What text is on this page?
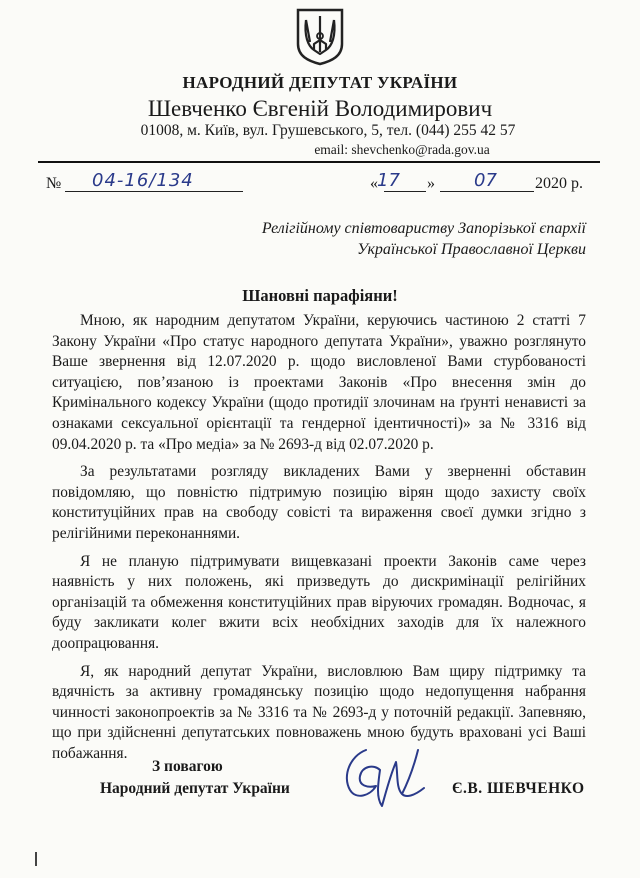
НАРОДНИЙ ДЕПУТАТ УКРАЇНИ
Шевченко Євгеній Володимирович
01008, м. Київ, вул. Грушевського, 5, тел. (044) 255 42 57
email: shevchenko@rada.gov.ua
№ 04-16/134	« 17 » 07 2020 р.
Релігійному співтовариству Запорізької єпархії
Української Православної Церкви
Шановні парафіяни!

Мною, як народним депутатом України, керуючись частиною 2 статті 7 Закону України «Про статус народного депутата України», уважно розглянуто Ваше звернення від 12.07.2020 р. щодо висловленої Вами стурбованості ситуацією, пов’язаною із проектами Законів «Про внесення змін до Кримінального кодексу України (щодо протидії злочинам на ґрунті ненависті за ознаками сексуальної орієнтації та гендерної ідентичності)» за № 3316 від 09.04.2020 р. та «Про медіа» за № 2693-д від 02.07.2020 р.

За результатами розгляду викладених Вами у зверненні обставин повідомляю, що повністю підтримую позицію вірян щодо захисту своїх конституційних прав на свободу совісті та вираження своєї думки згідно з релігійними переконаннями.

Я не планую підтримувати вищевказані проекти Законів саме через наявність у них положень, які призведуть до дискримінації релігійних організацій та обмеження конституційних прав віруючих громадян. Водночас, я буду закликати колег вжити всіх необхідних заходів для їх належного доопрацювання.

Я, як народний депутат України, висловлюю Вам щиру підтримку та вдячність за активну громадянську позицію щодо недопущення набрання чинності законопроектів за № 3316 та № 2693-д у поточній редакції. Запевняю, що при здійсненні депутатських повноважень мною будуть враховані усі Ваші побажання.

З повагою
Народний депутат України	Є.В. ШЕВЧЕНКО
